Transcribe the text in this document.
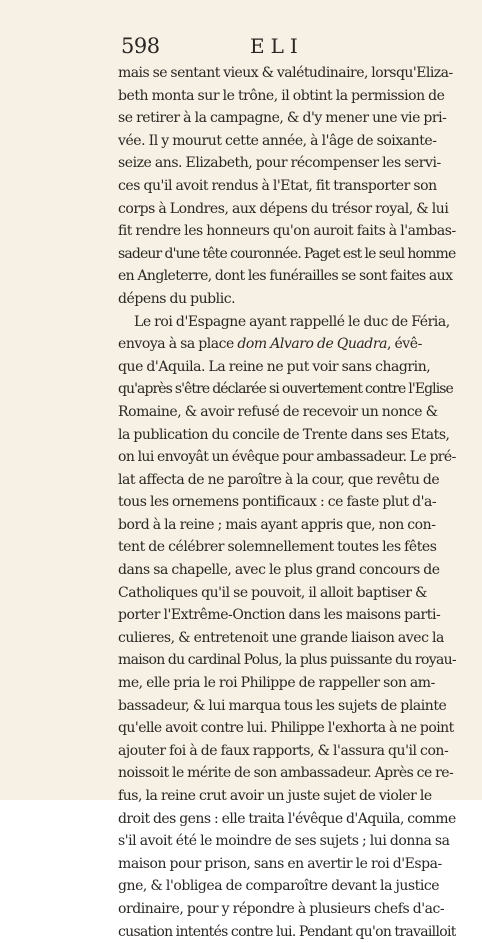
598	ELI
mais se sentant vieux & valétudinaire, lorsqu'Eliza-
beth monta sur le trône, il obtint la permission de
se retirer à la campagne, & d'y mener une vie pri-
vée. Il y mourut cette année, à l'âge de soixante-
seize ans. Elizabeth, pour récompenser les servi-
ces qu'il avoit rendus à l'Etat, fit transporter son
corps à Londres, aux dépens du trésor royal, & lui
fit rendre les honneurs qu'on auroit faits à l'ambas-
sadeur d'une tête couronnée. Paget est le seul homme
en Angleterre, dont les funérailles se sont faites aux
dépens du public.
Le roi d'Espagne ayant rappellé le duc de Féria,
envoya à sa place dom Alvaro de Quadra, évê-
que d'Aquila. La reine ne put voir sans chagrin,
qu'après s'être déclarée si ouvertement contre l'Eglise
Romaine, & avoir refusé de recevoir un nonce &
la publication du concile de Trente dans ses Etats,
on lui envoyât un évêque pour ambassadeur. Le pré-
lat affecta de ne paroître à la cour, que revêtu de
tous les ornemens pontificaux : ce faste plut d'a-
bord à la reine ; mais ayant appris que, non con-
tent de célébrer solemnellement toutes les fêtes
dans sa chapelle, avec le plus grand concours de
Catholiques qu'il se pouvoit, il alloit baptiser &
porter l'Extrême-Onction dans les maisons parti-
culieres, & entretenoit une grande liaison avec la
maison du cardinal Polus, la plus puissante du royau-
me, elle pria le roi Philippe de rappeller son am-
bassadeur, & lui marqua tous les sujets de plainte
qu'elle avoit contre lui. Philippe l'exhorta à ne point
ajouter foi à de faux rapports, & l'assura qu'il con-
noissoit le mérite de son ambassadeur. Après ce re-
fus, la reine crut avoir un juste sujet de violer le
droit des gens : elle traita l'évêque d'Aquila, comme
s'il avoit été le moindre de ses sujets ; lui donna sa
maison pour prison, sans en avertir le roi d'Espa-
gne, & l'obligea de comparoître devant la justice
ordinaire, pour y répondre à plusieurs chefs d'ac-
cusation intentés contre lui. Pendant qu'on travailloit
